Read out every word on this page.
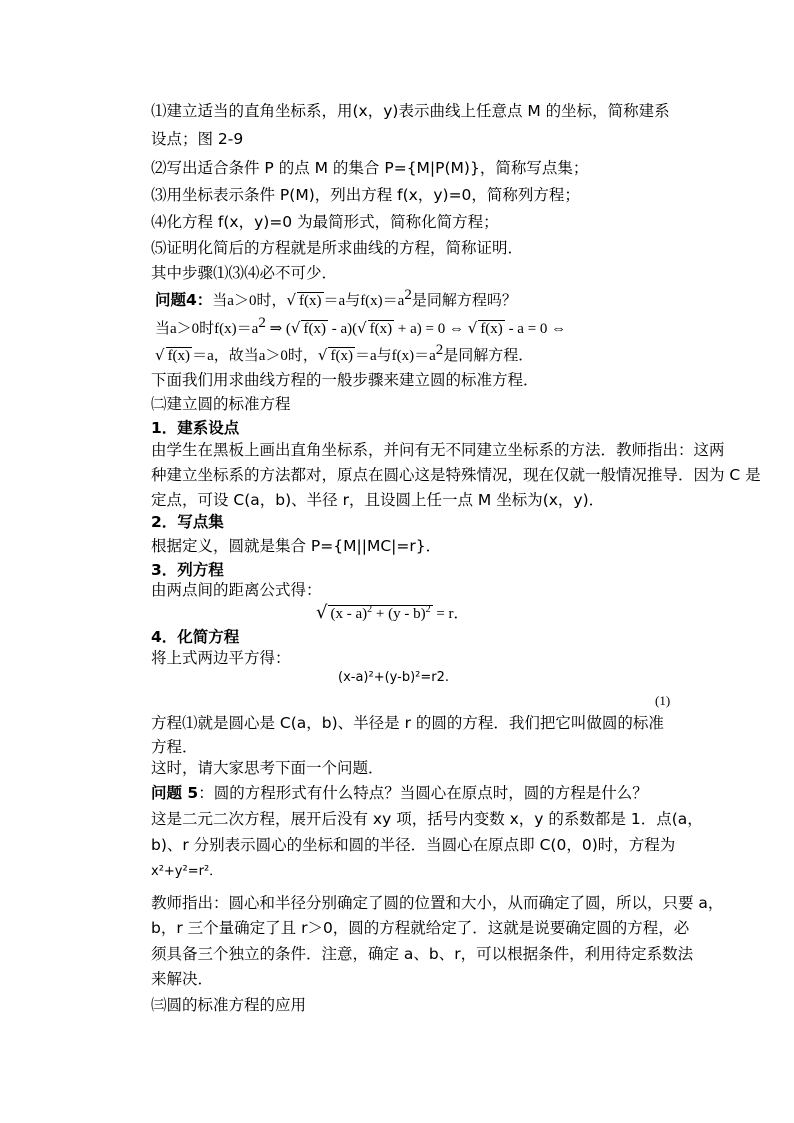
⑴建立适当的直角坐标系，用(x，y)表示曲线上任意点 M 的坐标，简称建系
设点；图 2-9
⑵写出适合条件 P 的点 M 的集合 P={M|P(M)}，简称写点集；
⑶用坐标表示条件 P(M)，列出方程 f(x，y)=0，简称列方程；
⑷化方程 f(x，y)=0 为最简形式，简称化简方程；
⑸证明化简后的方程就是所求曲线的方程，简称证明．
其中步骤⑴⑶⑷必不可少．
问题4：当a＞0时，√ f(x) ＝a与$f(x)=a^2$是同解方程吗？
当a＞0时$f(x)=a^2$ ⇒ (√ f(x) - a)(√ f(x) + a) = 0 ⇔ √ f(x) - a = 0 ⇔
√ f(x) ＝a，故当a＞0时，√ f(x) ＝a与$f(x)=a^2$是同解方程．
下面我们用求曲线方程的一般步骤来建立圆的标准方程．
㈡建立圆的标准方程
1．建系设点
由学生在黑板上画出直角坐标系，并问有无不同建立坐标系的方法．教师指出：这两
种建立坐标系的方法都对，原点在圆心这是特殊情况，现在仅就一般情况推导．因为 C 是
定点，可设 C(a，b)、半径 r，且设圆上任一点 M 坐标为(x，y)．
2．写点集
根据定义，圆就是集合 P={M||MC|=r}．
3．列方程
由两点间的距离公式得：
√ (x - a)$^2$ + (y - b)$^2$ = r．
4．化简方程
将上式两边平方得：
(x-a)²+(y-b)²=r2.
(1)
方程⑴就是圆心是 C(a，b)、半径是 r 的圆的方程．我们把它叫做圆的标准
方程．
这时，请大家思考下面一个问题．
问题 5：圆的方程形式有什么特点？当圆心在原点时，圆的方程是什么？
这是二元二次方程，展开后没有 xy 项，括号内变数 x，y 的系数都是 1．点(a，
b)、r 分别表示圆心的坐标和圆的半径．当圆心在原点即 C(0，0)时，方程为
x²+y²=r²．
教师指出：圆心和半径分别确定了圆的位置和大小，从而确定了圆，所以，只要 a，
b，r 三个量确定了且 r＞0，圆的方程就给定了．这就是说要确定圆的方程，必
须具备三个独立的条件．注意，确定 a、b、r，可以根据条件，利用待定系数法
来解决．
㈢圆的标准方程的应用
